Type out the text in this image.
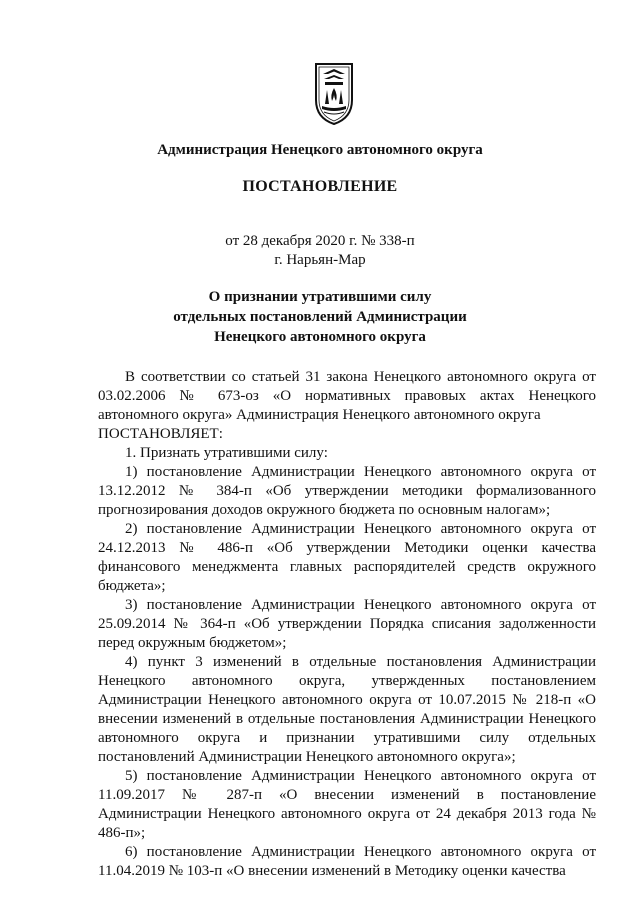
Администрация Ненецкого автономного округа
ПОСТАНОВЛЕНИЕ
от 28 декабря 2020 г. № 338-п
г. Нарьян-Мар
О признании утратившими силу
отдельных постановлений Администрации
Ненецкого автономного округа

В соответствии со статьей 31 закона Ненецкого автономного округа от 03.02.2006 № 673-оз «О нормативных правовых актах Ненецкого автономного округа» Администрация Ненецкого автономного округа

ПОСТАНОВЛЯЕТ:

1. Признать утратившими силу:

1) постановление Администрации Ненецкого автономного округа от 13.12.2012 № 384-п «Об утверждении методики формализованного прогнозирования доходов окружного бюджета по основным налогам»;

2) постановление Администрации Ненецкого автономного округа от 24.12.2013 № 486-п «Об утверждении Методики оценки качества финансового менеджмента главных распорядителей средств окружного бюджета»;

3) постановление Администрации Ненецкого автономного округа от 25.09.2014 № 364-п «Об утверждении Порядка списания задолженности перед окружным бюджетом»;

4) пункт 3 изменений в отдельные постановления Администрации Ненецкого автономного округа, утвержденных постановлением Администрации Ненецкого автономного округа от 10.07.2015 № 218-п «О внесении изменений в отдельные постановления Администрации Ненецкого автономного округа и признании утратившими силу отдельных постановлений Администрации Ненецкого автономного округа»;

5) постановление Администрации Ненецкого автономного округа от 11.09.2017 № 287-п «О внесении изменений в постановление Администрации Ненецкого автономного округа от 24 декабря 2013 года № 486-п»;

6) постановление Администрации Ненецкого автономного округа от 11.04.2019 № 103-п «О внесении изменений в Методику оценки качества
